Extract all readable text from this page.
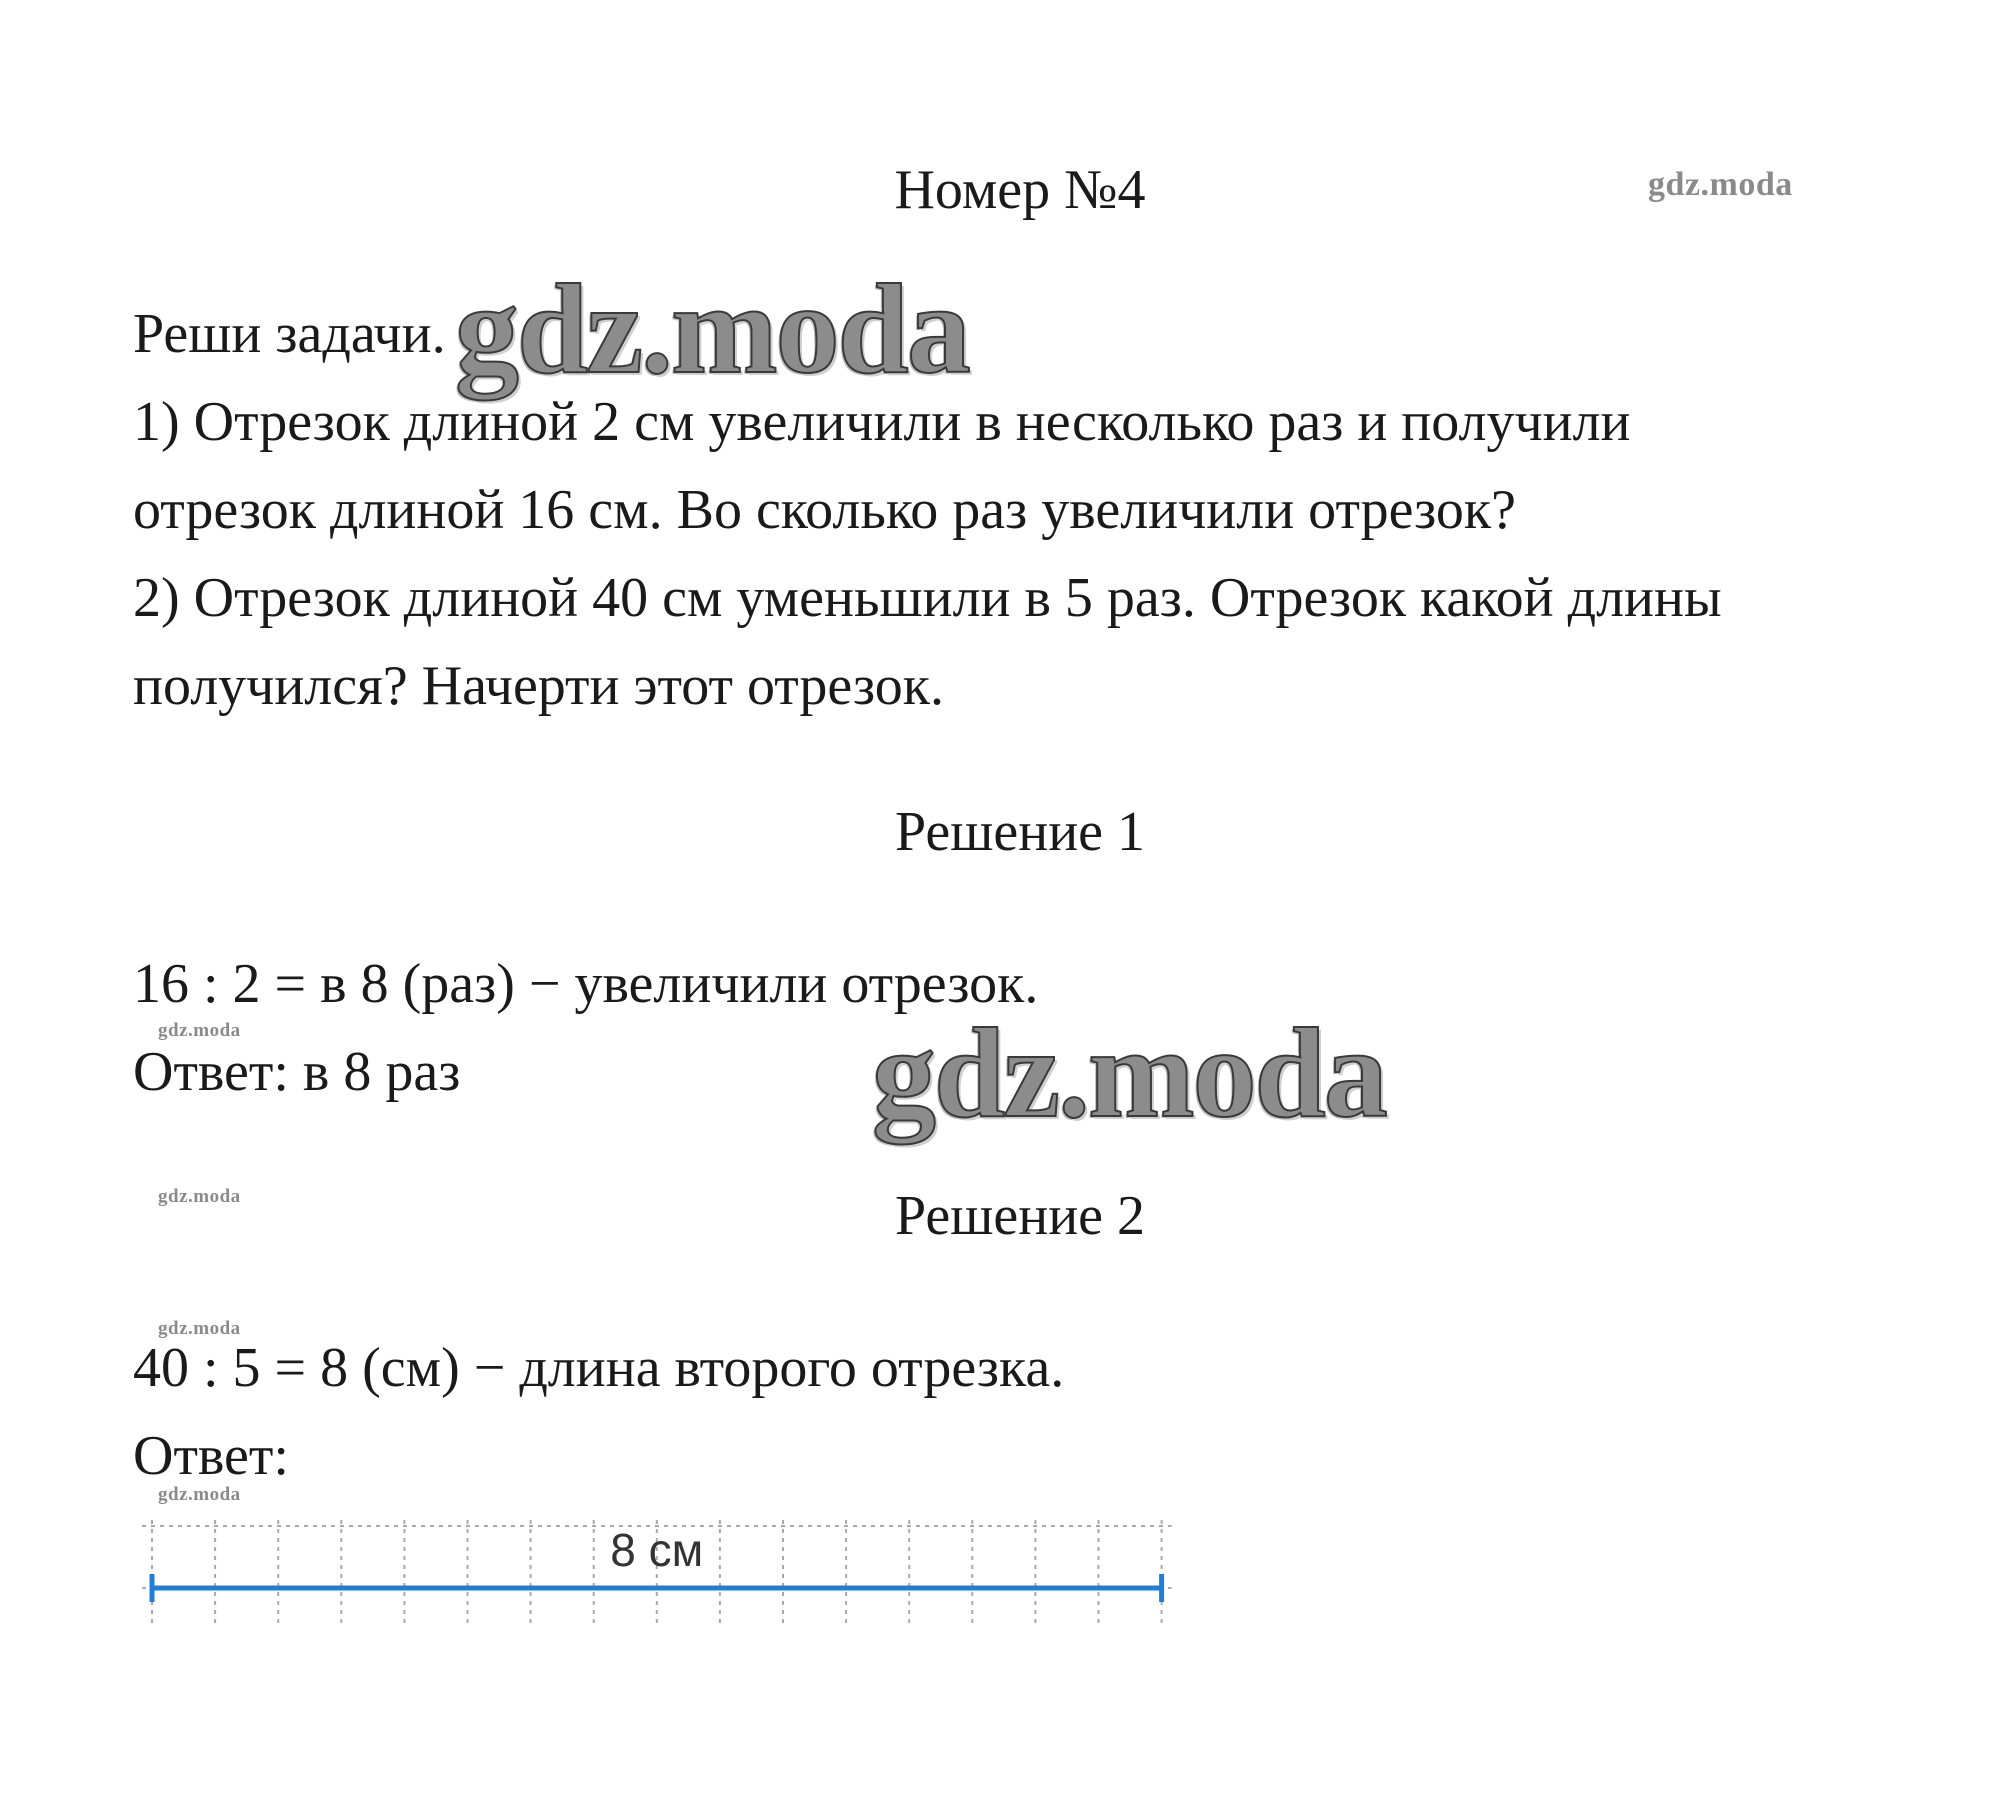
Номер №4	gdz.moda
Реши задачи.
1) Отрезок длиной 2 см увеличили в несколько раз и получили
отрезок длиной 16 см. Во сколько раз увеличили отрезок?
2) Отрезок длиной 40 см уменьшили в 5 раз. Отрезок какой длины
получился? Начерти этот отрезок.
gdz.moda
Решение 1
16 : 2 = в 8 (раз) − увеличили отрезок.
gdz.moda
Ответ: в 8 раз	gdz.moda
gdz.moda	Решение 2
gdz.moda
40 : 5 = 8 (см) − длина второго отрезка.
Ответ:
gdz.moda
8 см
